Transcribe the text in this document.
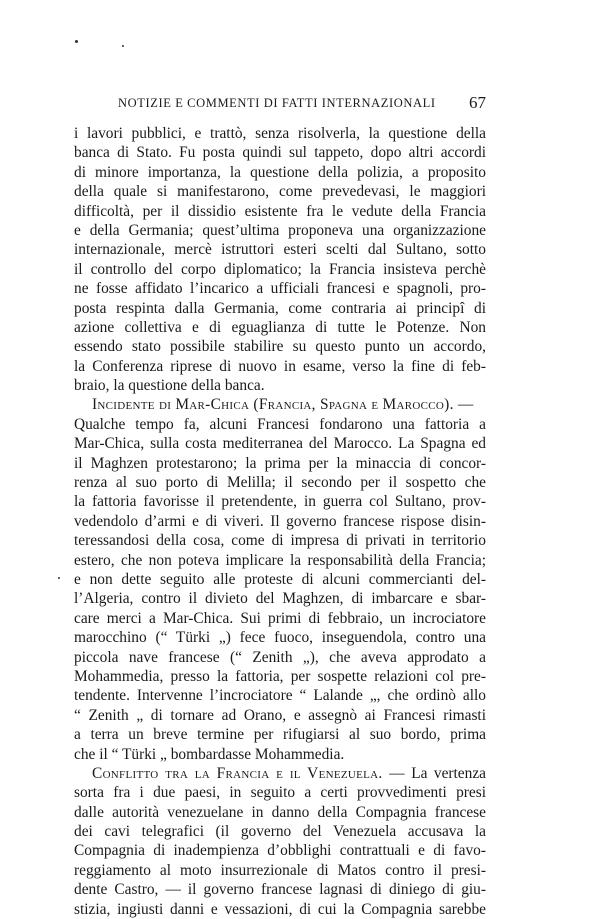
NOTIZIE E COMMENTI DI FATTI INTERNAZIONALI 67
i lavori pubblici, e trattò, senza risolverla, la questione della
banca di Stato. Fu posta quindi sul tappeto, dopo altri accordi
di minore importanza, la questione della polizia, a proposito
della quale si manifestarono, come prevedevasi, le maggiori
difficoltà, per il dissidio esistente fra le vedute della Francia
e della Germania; quest’ultima proponeva una organizzazione
internazionale, mercè istruttori esteri scelti dal Sultano, sotto
il controllo del corpo diplomatico; la Francia insisteva perchè
ne fosse affidato l’incarico a ufficiali francesi e spagnoli, pro-
posta respinta dalla Germania, come contraria ai principî di
azione collettiva e di eguaglianza di tutte le Potenze. Non
essendo stato possibile stabilire su questo punto un accordo,
la Conferenza riprese di nuovo in esame, verso la fine di feb-
braio, la questione della banca.
Incidente di Mar-Chica (Francia, Spagna e Marocco). —
Qualche tempo fa, alcuni Francesi fondarono una fattoria a
Mar-Chica, sulla costa mediterranea del Marocco. La Spagna ed
il Maghzen protestarono; la prima per la minaccia di concor-
renza al suo porto di Melilla; il secondo per il sospetto che
la fattoria favorisse il pretendente, in guerra col Sultano, prov-
vedendolo d’armi e di viveri. Il governo francese rispose disin-
teressandosi della cosa, come di impresa di privati in territorio
estero, che non poteva implicare la responsabilità della Francia;
e non dette seguito alle proteste di alcuni commercianti del-
l’Algeria, contro il divieto del Maghzen, di imbarcare e sbar-
care merci a Mar-Chica. Sui primi di febbraio, un incrociatore
marocchino (“ Türki „) fece fuoco, inseguendola, contro una
piccola nave francese (“ Zenith „), che aveva approdato a
Mohammedia, presso la fattoria, per sospette relazioni col pre-
tendente. Intervenne l’incrociatore “ Lalande „, che ordinò allo
“ Zenith „ di tornare ad Orano, e assegnò ai Francesi rimasti
a terra un breve termine per rifugiarsi al suo bordo, prima
che il “ Türki „ bombardasse Mohammedia.
Conflitto tra la Francia e il Venezuela. — La vertenza
sorta fra i due paesi, in seguito a certi provvedimenti presi
dalle autorità venezuelane in danno della Compagnia francese
dei cavi telegrafici (il governo del Venezuela accusava la
Compagnia di inadempienza d’obblighi contrattuali e di favo-
reggiamento al moto insurrezionale di Matos contro il presi-
dente Castro, — il governo francese lagnasi di diniego di giu-
stizia, ingiusti danni e vessazioni, di cui la Compagnia sarebbe
